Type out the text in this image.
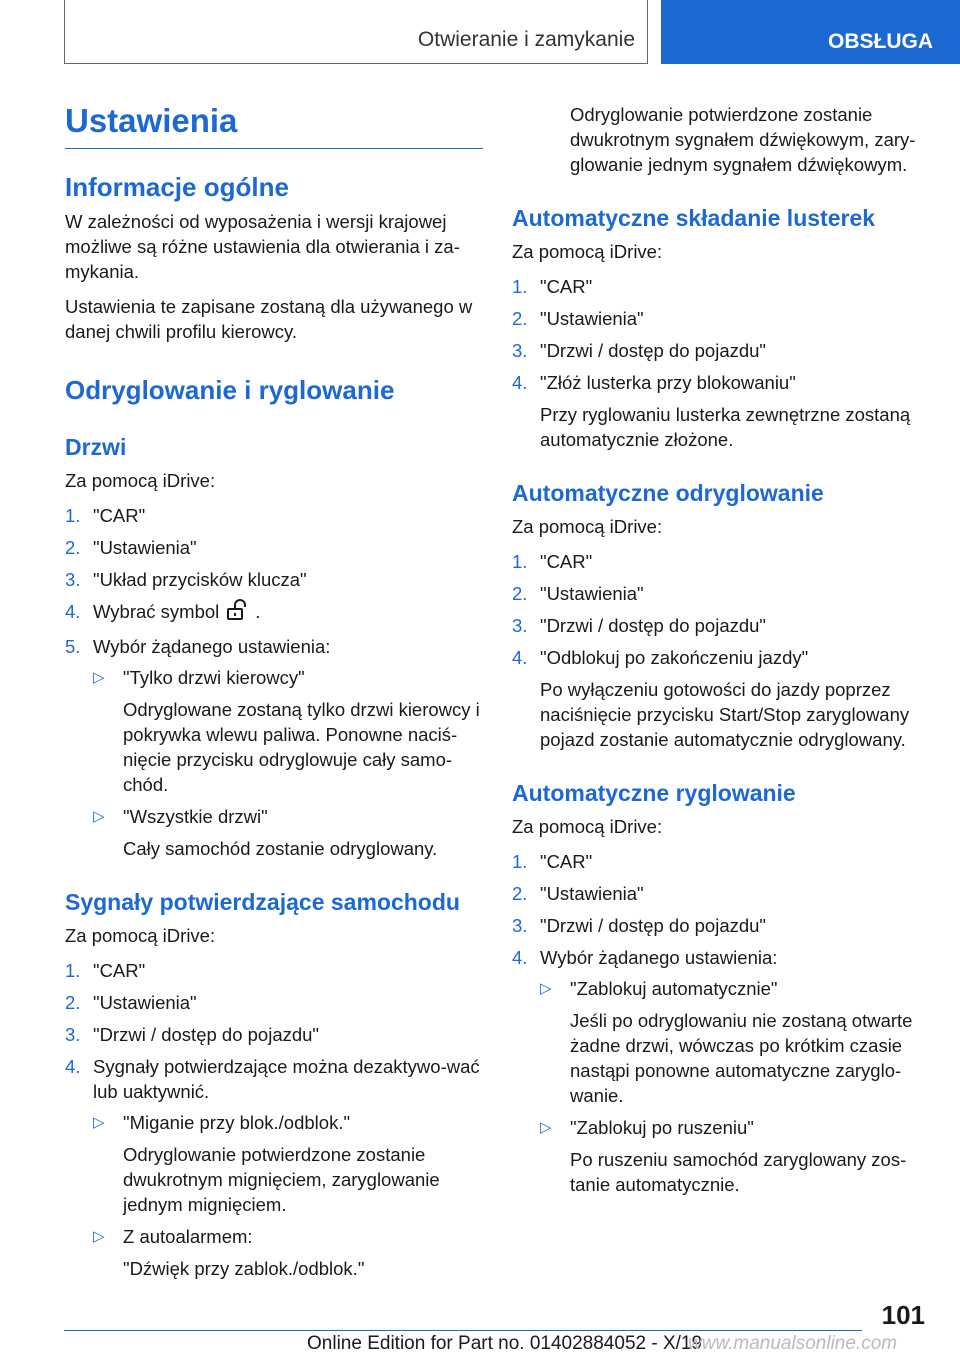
Otwieranie i zamykanie	OBSŁUGA
Ustawienia
Informacje ogólne

W zależności od wyposażenia i wersji krajowej możliwe są różne ustawienia dla otwierania i za-mykania.

Ustawienia te zapisane zostaną dla używanego w danej chwili profilu kierowcy.

Odryglowanie i ryglowanie
Drzwi

Za pomocą iDrive:

1. "CAR"
2. "Ustawienia"
3. "Układ przycisków klucza"
4. Wybrać symbol .
5. Wybór żądanego ustawienia:
▷ "Tylko drzwi kierowcy"
Odryglowane zostaną tylko drzwi kierowcy i pokrywka wlewu paliwa. Ponowne naciś-nięcie przycisku odryglowuje cały samo-chód.
▷ "Wszystkie drzwi"
Cały samochód zostanie odryglowany.
Sygnały potwierdzające samochodu

Za pomocą iDrive:

1. "CAR"
2. "Ustawienia"
3. "Drzwi / dostęp do pojazdu"
4. Sygnały potwierdzające można dezaktywo-wać lub uaktywnić.
▷ "Miganie przy blok./odblok."
Odryglowanie potwierdzone zostanie dwukrotnym mignięciem, zaryglowanie jednym mignięciem.
▷ Z autoalarmem:
"Dźwięk przy zablok./odblok."

Odryglowanie potwierdzone zostanie dwukrotnym sygnałem dźwiękowym, zary-glowanie jednym sygnałem dźwiękowym.

Automatyczne składanie lusterek

Za pomocą iDrive:

1. "CAR"
2. "Ustawienia"
3. "Drzwi / dostęp do pojazdu"
4. "Złóż lusterka przy blokowaniu"
Przy ryglowaniu lusterka zewnętrzne zostaną automatycznie złożone.
Automatyczne odryglowanie

Za pomocą iDrive:

1. "CAR"
2. "Ustawienia"
3. "Drzwi / dostęp do pojazdu"
4. "Odblokuj po zakończeniu jazdy"
Po wyłączeniu gotowości do jazdy poprzez naciśnięcie przycisku Start/Stop zaryglowany pojazd zostanie automatycznie odryglowany.
Automatyczne ryglowanie

Za pomocą iDrive:

1. "CAR"
2. "Ustawienia"
3. "Drzwi / dostęp do pojazdu"
4. Wybór żądanego ustawienia:
▷ "Zablokuj automatycznie"
Jeśli po odryglowaniu nie zostaną otwarte żadne drzwi, wówczas po krótkim czasie nastąpi ponowne automatyczne zaryglo-wanie.
▷ "Zablokuj po ruszeniu"
Po ruszeniu samochód zaryglowany zos-tanie automatycznie.
101
Online Edition for Part no. 01402884052 - X/19
www.manualsonline.com
